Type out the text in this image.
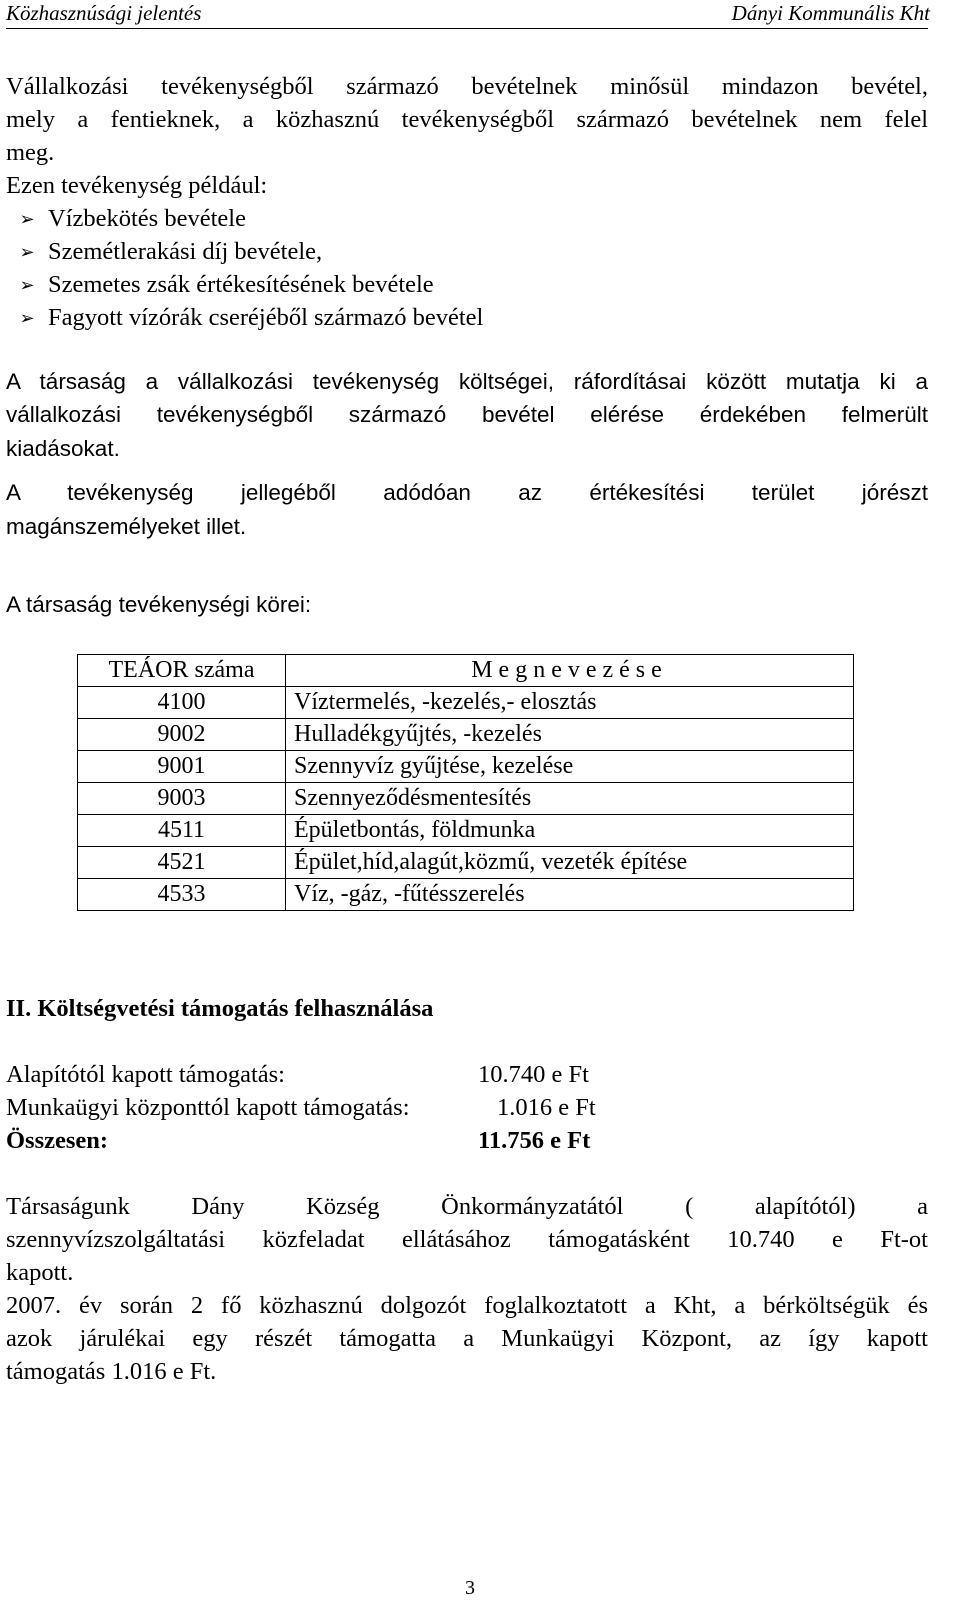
Közhasznúsági jelentés	Dányi Kommunális Kht
Vállalkozási tevékenységből származó bevételnek minősül mindazon bevétel,
mely a fentieknek, a közhasznú tevékenységből származó bevételnek nem felel
meg.
Ezen tevékenység például:
➢ Vízbekötés bevétele
➢ Szemétlerakási díj bevétele,
➢ Szemetes zsák értékesítésének bevétele
➢ Fagyott vízórák cseréjéből származó bevétel
A társaság a vállalkozási tevékenység költségei, ráfordításai között mutatja ki a
vállalkozási tevékenységből származó bevétel elérése érdekében felmerült
kiadásokat.
A tevékenység jellegéből adódóan az értékesítési terület jórészt
magánszemélyeket illet.
A társaság tevékenységi körei:
TEÁOR száma	Megnevezése
4100	Víztermelés, -kezelés,- elosztás
9002	Hulladékgyűjtés, -kezelés
9001	Szennyvíz gyűjtése, kezelése
9003	Szennyeződésmentesítés
4511	Épületbontás, földmunka
4521	Épület,híd,alagút,közmű, vezeték építése
4533	Víz, -gáz, -fűtésszerelés
II. Költségvetési támogatás felhasználása
Alapítótól kapott támogatás:	10.740 e Ft
Munkaügyi központtól kapott támogatás:	1.016 e Ft
Összesen:	11.756 e Ft
Társaságunk Dány Község Önkormányzatától ( alapítótól) a
szennyvízszolgáltatási közfeladat ellátásához támogatásként 10.740 e Ft-ot
kapott.
2007. év során 2 fő közhasznú dolgozót foglalkoztatott a Kht, a bérköltségük és
azok járulékai egy részét támogatta a Munkaügyi Központ, az így kapott
támogatás 1.016 e Ft.
3
